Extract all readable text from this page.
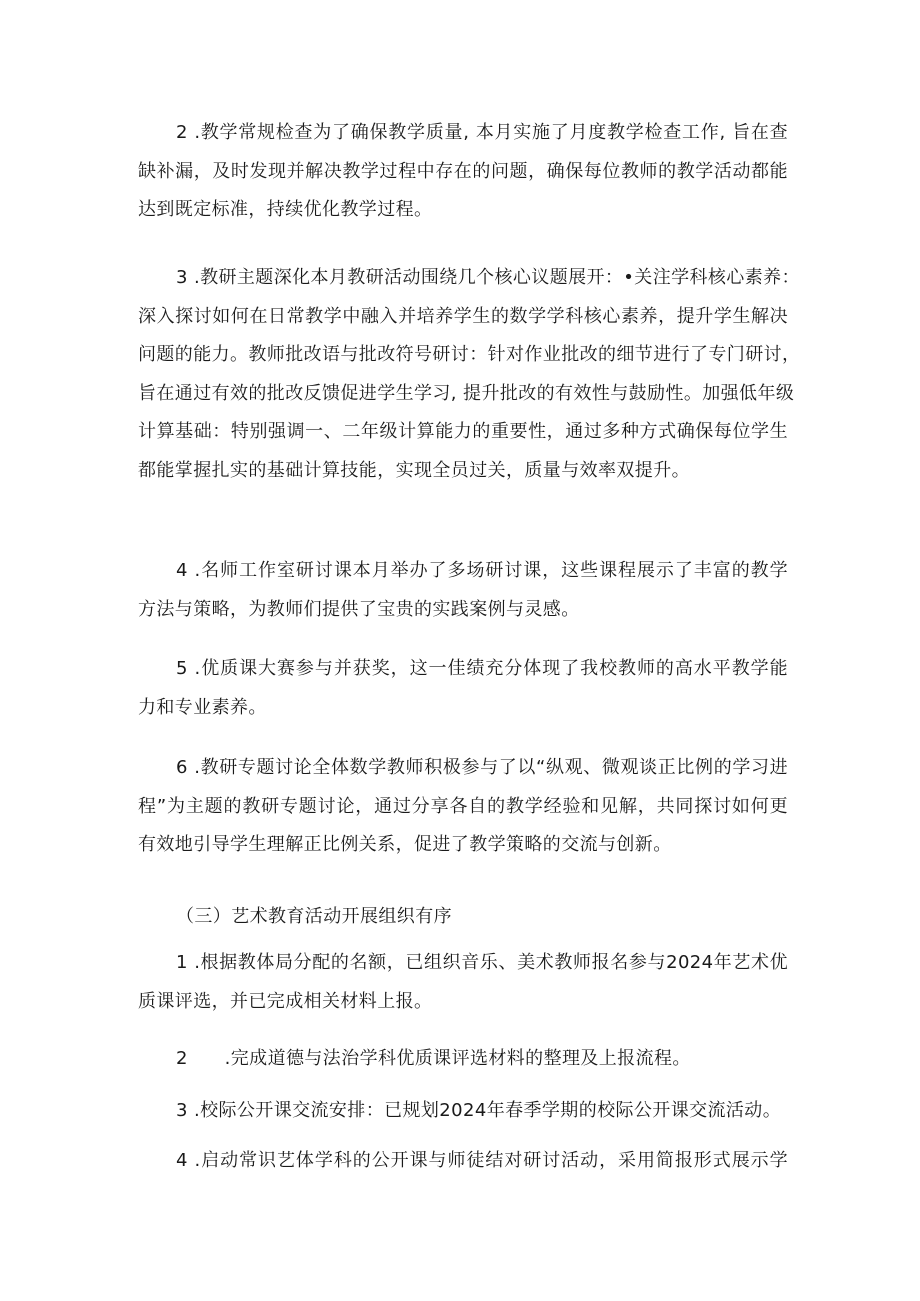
2 .教学常规检查为了确保教学质量, 本月实施了月度教学检查工作, 旨在查
缺补漏，及时发现并解决教学过程中存在的问题，确保每位教师的教学活动都能
达到既定标准，持续优化教学过程。
3 .教研主题深化本月教研活动围绕几个核心议题展开：•关注学科核心素养：
深入探讨如何在日常教学中融入并培养学生的数学学科核心素养，提升学生解决
问题的能力。教师批改语与批改符号研讨：针对作业批改的细节进行了专门研讨，
旨在通过有效的批改反馈促进学生学习, 提升批改的有效性与鼓励性。加强低年级
计算基础：特别强调一、二年级计算能力的重要性，通过多种方式确保每位学生
都能掌握扎实的基础计算技能，实现全员过关，质量与效率双提升。
4 .名师工作室研讨课本月举办了多场研讨课，这些课程展示了丰富的教学
方法与策略，为教师们提供了宝贵的实践案例与灵感。
5 .优质课大赛参与并获奖，这一佳绩充分体现了我校教师的高水平教学能
力和专业素养。
6 .教研专题讨论全体数学教师积极参与了以“纵观、微观谈正比例的学习进
程”为主题的教研专题讨论，通过分享各自的教学经验和见解，共同探讨如何更
有效地引导学生理解正比例关系，促进了教学策略的交流与创新。
（三）艺术教育活动开展组织有序
1 .根据教体局分配的名额，已组织音乐、美术教师报名参与2024年艺术优
质课评选，并已完成相关材料上报。
2　　.完成道德与法治学科优质课评选材料的整理及上报流程。
3 .校际公开课交流安排：已规划2024年春季学期的校际公开课交流活动。
4 .启动常识艺体学科的公开课与师徒结对研讨活动，采用简报形式展示学
